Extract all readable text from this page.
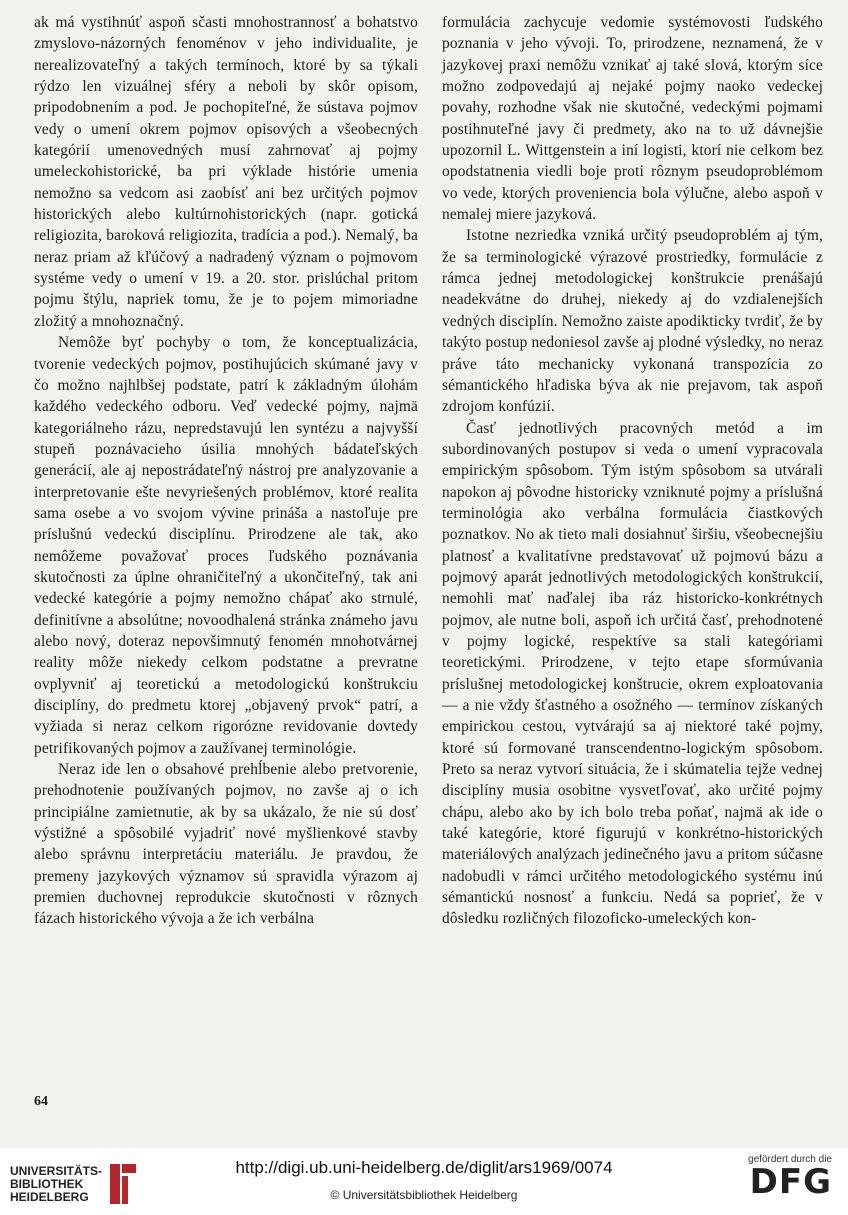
ak má vystihnúť aspoň sčasti mnohostrannosť a bohatstvo zmyslovo-názorných fenoménov v jeho individualite, je nerealizovateľný a takých termínoch, ktoré by sa týkali rýdzo len vizuálnej sféry a neboli by skôr opisom, pripodobnením a pod. Je pochopiteľné, že sústava pojmov vedy o umení okrem pojmov opisových a všeobecných kategórií umenovedných musí zahrnovať aj pojmy umeleckohistorické, ba pri výklade histórie umenia nemožno sa vedcom asi zaobísť ani bez určitých pojmov historických alebo kultúrnohistorických (napr. gotická religiozita, baroková religiozita, tradícia a pod.). Nemalý, ba neraz priam až kľúčový a nadradený význam o pojmovom systéme vedy o umení v 19. a 20. stor. prislúchal pritom pojmu štýlu, napriek tomu, že je to pojem mimoriadne zložitý a mnohoznačný.

Nemôže byť pochyby o tom, že konceptualizácia, tvorenie vedeckých pojmov, postihujúcich skúmané javy v čo možno najhlbšej podstate, patrí k základným úlohám každého vedeckého odboru. Veď vedecké pojmy, najmä kategoriálneho rázu, nepredstavujú len syntézu a najvyšší stupeň poznávacieho úsilia mnohých bádateľských generácií, ale aj nepostrádateľný nástroj pre analyzovanie a interpretovanie ešte nevyriešených problémov, ktoré realita sama osebe a vo svojom vývine prináša a nastoľuje pre príslušnú vedeckú disciplínu. Prirodzene ale tak, ako nemôžeme považovať proces ľudského poznávania skutočnosti za úplne ohraničiteľný a ukončiteľný, tak ani vedecké kategórie a pojmy nemožno chápať ako strnulé, definitívne a absolútne; novoodhalená stránka známeho javu alebo nový, doteraz nepovšimnutý fenomén mnohotvárnej reality môže niekedy celkom podstatne a prevratne ovplyvniť aj teoretickú a metodologickú konštrukciu disciplíny, do predmetu ktorej „objavený prvok“ patrí, a vyžiada si neraz celkom rigorózne revidovanie dovtedy petrifikovaných pojmov a zaužívanej terminológie.

Neraz ide len o obsahové prehĺbenie alebo pretvorenie, prehodnotenie používaných pojmov, no zavše aj o ich principiálne zamietnutie, ak by sa ukázalo, že nie sú dosť výstižné a spôsobilé vyjadriť nové myšlienkové stavby alebo správnu interpretáciu materiálu. Je pravdou, že premeny jazykových významov sú spravidla výrazom aj premien duchovnej reprodukcie skutočnosti v rôznych fázach historického vývoja a že ich verbálna

formulácia zachycuje vedomie systémovosti ľudského poznania v jeho vývoji. To, prirodzene, neznamená, že v jazykovej praxi nemôžu vznikať aj také slová, ktorým síce možno zodpovedajú aj nejaké pojmy naoko vedeckej povahy, rozhodne však nie skutočné, vedeckými pojmami postihnuteľné javy či predmety, ako na to už dávnejšie upozornil L. Wittgenstein a iní logisti, ktorí nie celkom bez opodstatnenia viedli boje proti rôznym pseudoproblémom vo vede, ktorých proveniencia bola výlučne, alebo aspoň v nemalej miere jazyková.

Istotne nezriedka vzniká určitý pseudoproblém aj tým, že sa terminologické výrazové prostriedky, formulácie z rámca jednej metodologickej konštrukcie prenášajú neadekvátne do druhej, niekedy aj do vzdialenejších vedných disciplín. Nemožno zaiste apodikticky tvrdiť, že by takýto postup nedoniesol zavše aj plodné výsledky, no neraz práve táto mechanicky vykonaná transpozícia zo sémantického hľadiska býva ak nie prejavom, tak aspoň zdrojom konfúzií.

Časť jednotlivých pracovných metód a im subordinovaných postupov si veda o umení vypracovala empirickým spôsobom. Tým istým spôsobom sa utvárali napokon aj pôvodne historicky vzniknuté pojmy a príslušná terminológia ako verbálna formulácia čiastkových poznatkov. No ak tieto mali dosiahnuť širšiu, všeobecnejšiu platnosť a kvalitatívne predstavovať už pojmovú bázu a pojmový aparát jednotlivých metodologických konštrukcií, nemohli mať naďalej iba ráz historicko-konkrétnych pojmov, ale nutne boli, aspoň ich určitá časť, prehodnotené v pojmy logické, respektíve sa stali kategóriami teoretickými. Prirodzene, v tejto etape sformúvania príslušnej metodologickej konštrucie, okrem exploatovania — a nie vždy šťastného a osožného — termínov získaných empirickou cestou, vytvárajú sa aj niektoré také pojmy, ktoré sú formované transcendentno-logickým spôsobom. Preto sa neraz vytvorí situácia, že i skúmatelia tejže vednej disciplíny musia osobitne vysvetľovať, ako určité pojmy chápu, alebo ako by ich bolo treba poňať, najmä ak ide o také kategórie, ktoré figurujú v konkrétno-historických materiálových analýzach jedinečného javu a pritom súčasne nadobudli v rámci určitého metodologického systému inú sémantickú nosnosť a funkciu. Nedá sa poprieť, že v dôsledku rozličných filozoficko-umeleckých kon-

64
UNIVERSITÄTS-
BIBLIOTHEK
HEIDELBERG
http://digi.ub.uni-heidelberg.de/diglit/ars1969/0074
© Universitätsbibliothek Heidelberg
gefördert durch die
DFG
